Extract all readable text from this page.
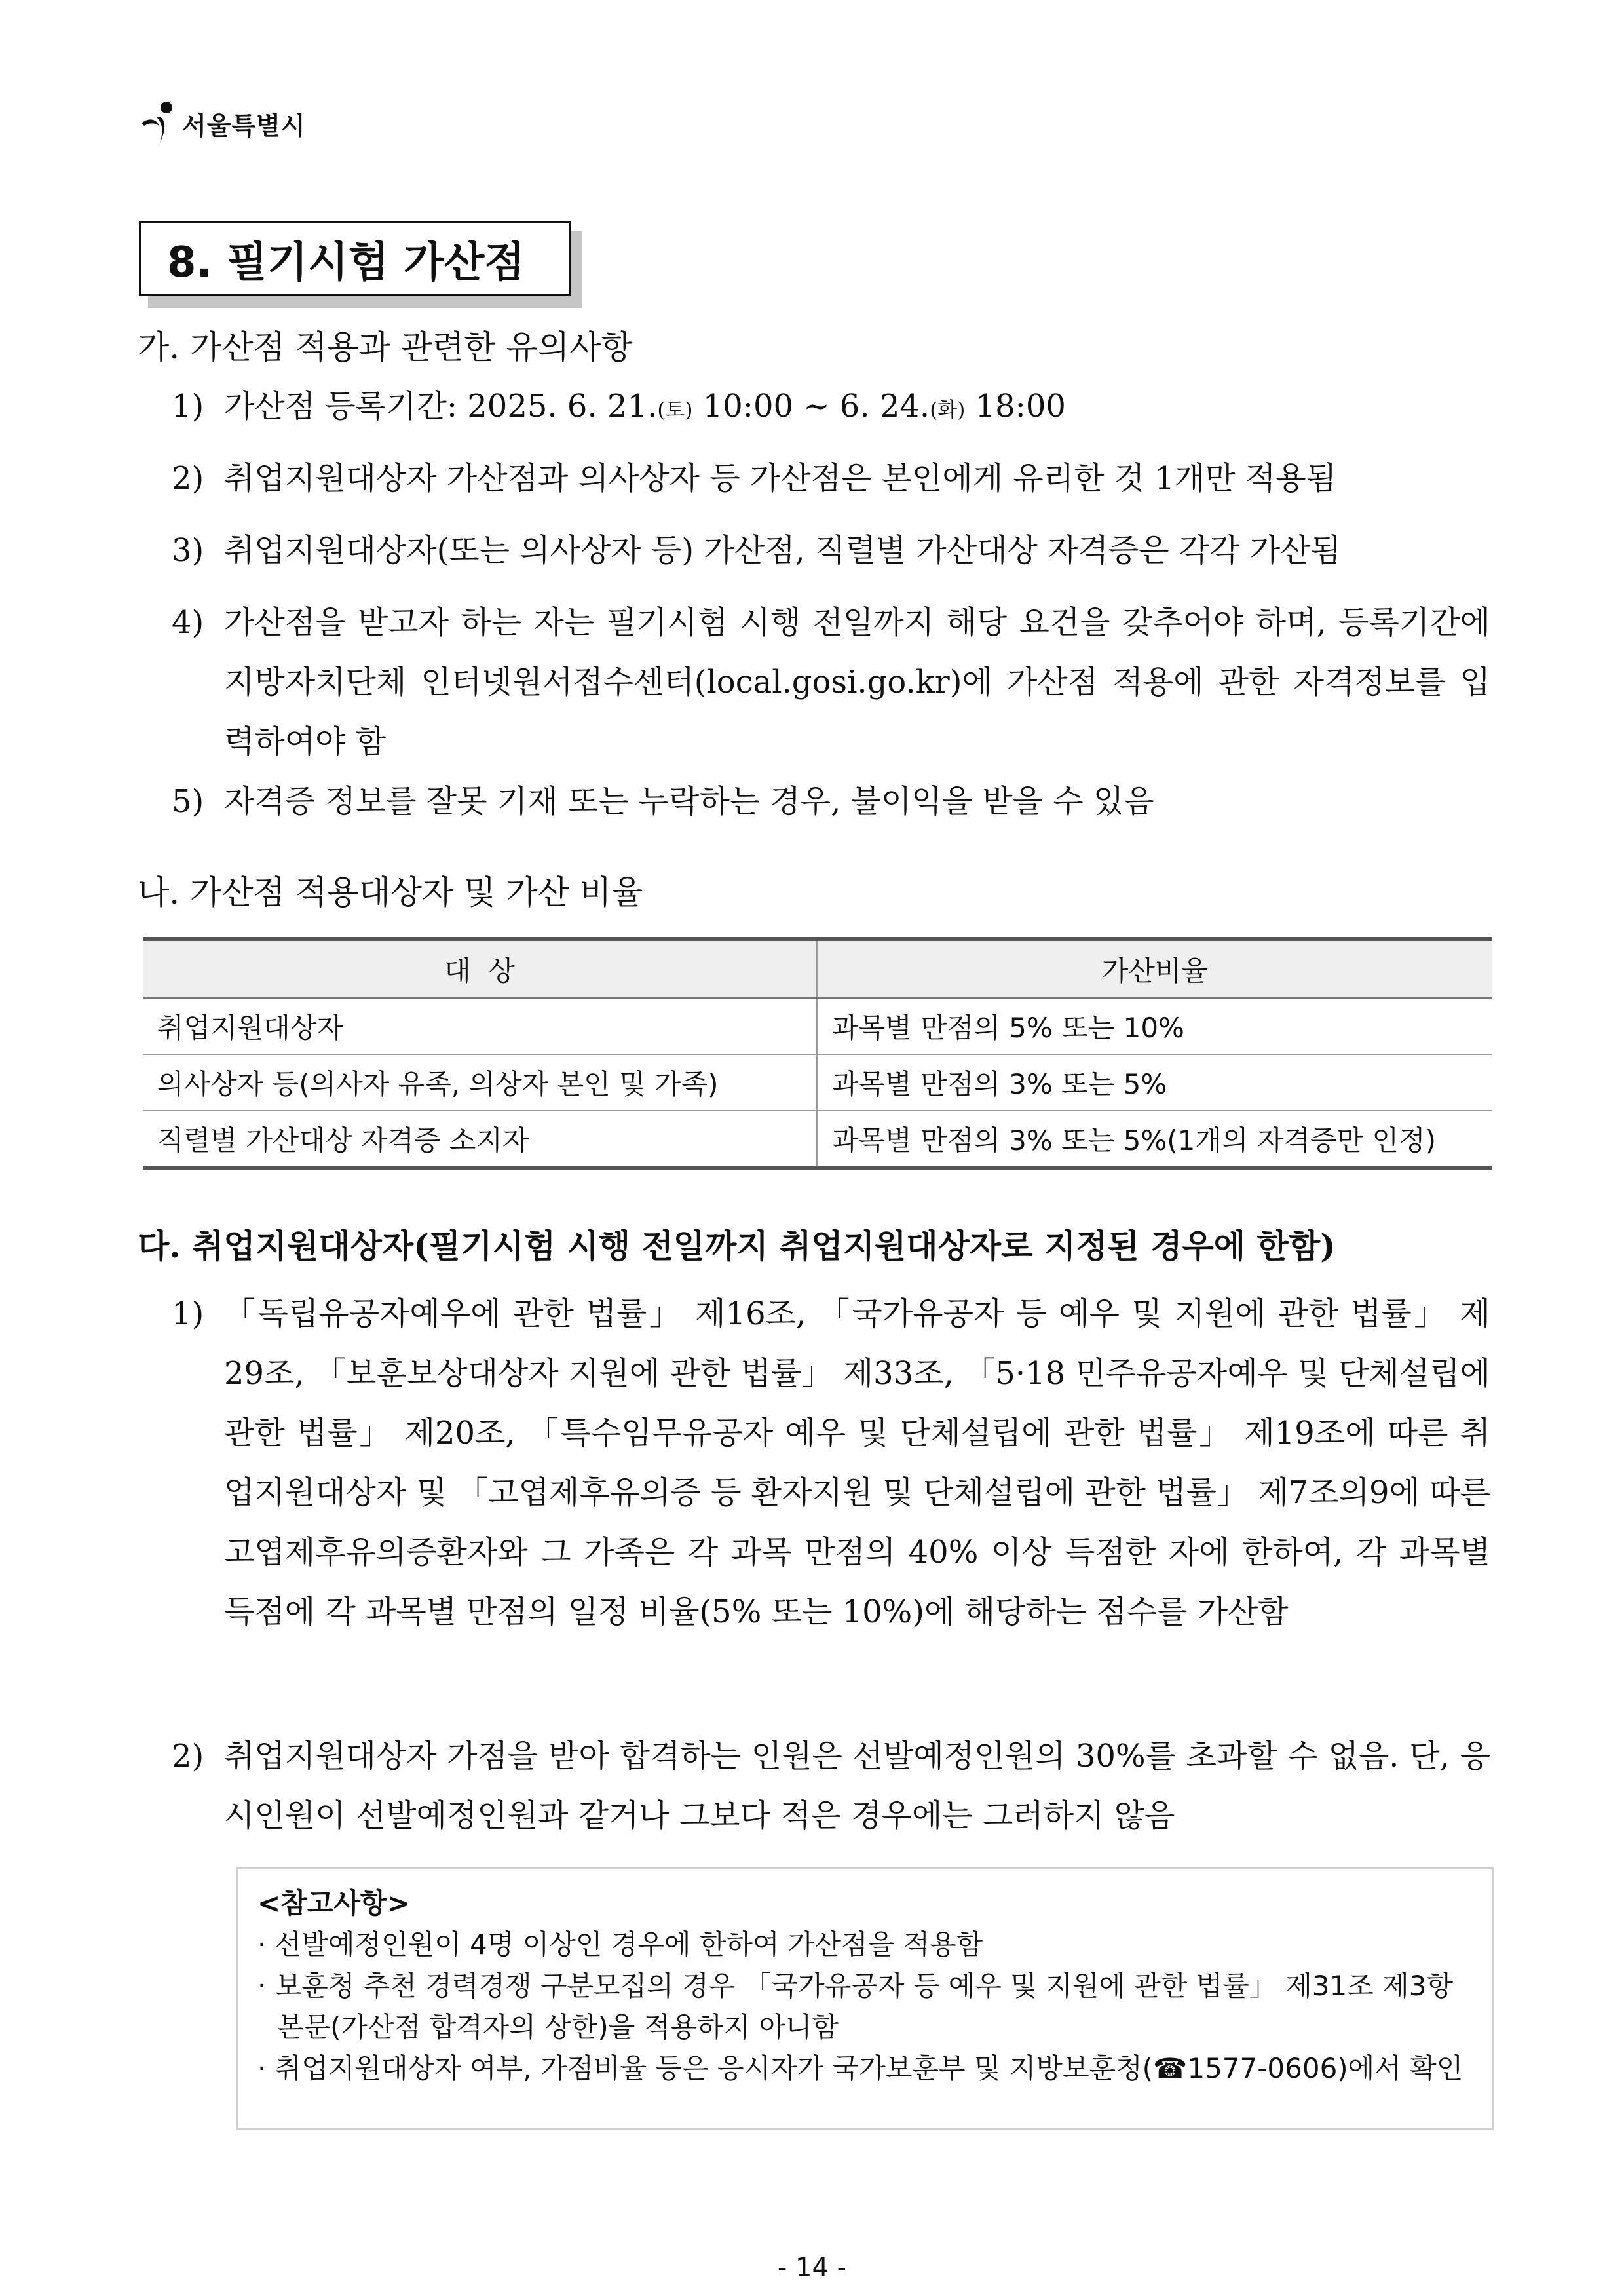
서울특별시
8. 필기시험 가산점
가. 가산점 적용과 관련한 유의사항
1) 가산점 등록기간: 2025. 6. 21.(토) 10:00 ~ 6. 24.(화) 18:00
2) 취업지원대상자 가산점과 의사상자 등 가산점은 본인에게 유리한 것 1개만 적용됨
3) 취업지원대상자(또는 의사상자 등) 가산점, 직렬별 가산대상 자격증은 각각 가산됨
4) 가산점을 받고자 하는 자는 필기시험 시행 전일까지 해당 요건을 갖추어야 하며, 등록기간에 지방자치단체 인터넷원서접수센터(local.gosi.go.kr)에 가산점 적용에 관한 자격정보를 입력하여야 함
5) 자격증 정보를 잘못 기재 또는 누락하는 경우, 불이익을 받을 수 있음
나. 가산점 적용대상자 및 가산 비율
대  상	가산비율
취업지원대상자	과목별 만점의 5% 또는 10%
의사상자 등(의사자 유족, 의상자 본인 및 가족)	과목별 만점의 3% 또는 5%
직렬별 가산대상 자격증 소지자	과목별 만점의 3% 또는 5%(1개의 자격증만 인정)
다. 취업지원대상자(필기시험 시행 전일까지 취업지원대상자로 지정된 경우에 한함)
1) 「독립유공자예우에 관한 법률」 제16조, 「국가유공자 등 예우 및 지원에 관한 법률」 제29조, 「보훈보상대상자 지원에 관한 법률」 제33조, 「5·18 민주유공자예우 및 단체설립에 관한 법률」 제20조, 「특수임무유공자 예우 및 단체설립에 관한 법률」 제19조에 따른 취업지원대상자 및 「고엽제후유의증 등 환자지원 및 단체설립에 관한 법률」 제7조의9에 따른 고엽제후유의증환자와 그 가족은 각 과목 만점의 40% 이상 득점한 자에 한하여, 각 과목별 득점에 각 과목별 만점의 일정 비율(5% 또는 10%)에 해당하는 점수를 가산함
2) 취업지원대상자 가점을 받아 합격하는 인원은 선발예정인원의 30%를 초과할 수 없음. 단, 응시인원이 선발예정인원과 같거나 그보다 적은 경우에는 그러하지 않음
<참고사항>
· 선발예정인원이 4명 이상인 경우에 한하여 가산점을 적용함
· 보훈청 추천 경력경쟁 구분모집의 경우 「국가유공자 등 예우 및 지원에 관한 법률」 제31조 제3항
본문(가산점 합격자의 상한)을 적용하지 아니함
· 취업지원대상자 여부, 가점비율 등은 응시자가 국가보훈부 및 지방보훈청(☎1577-0606)에서 확인
- 14 -
